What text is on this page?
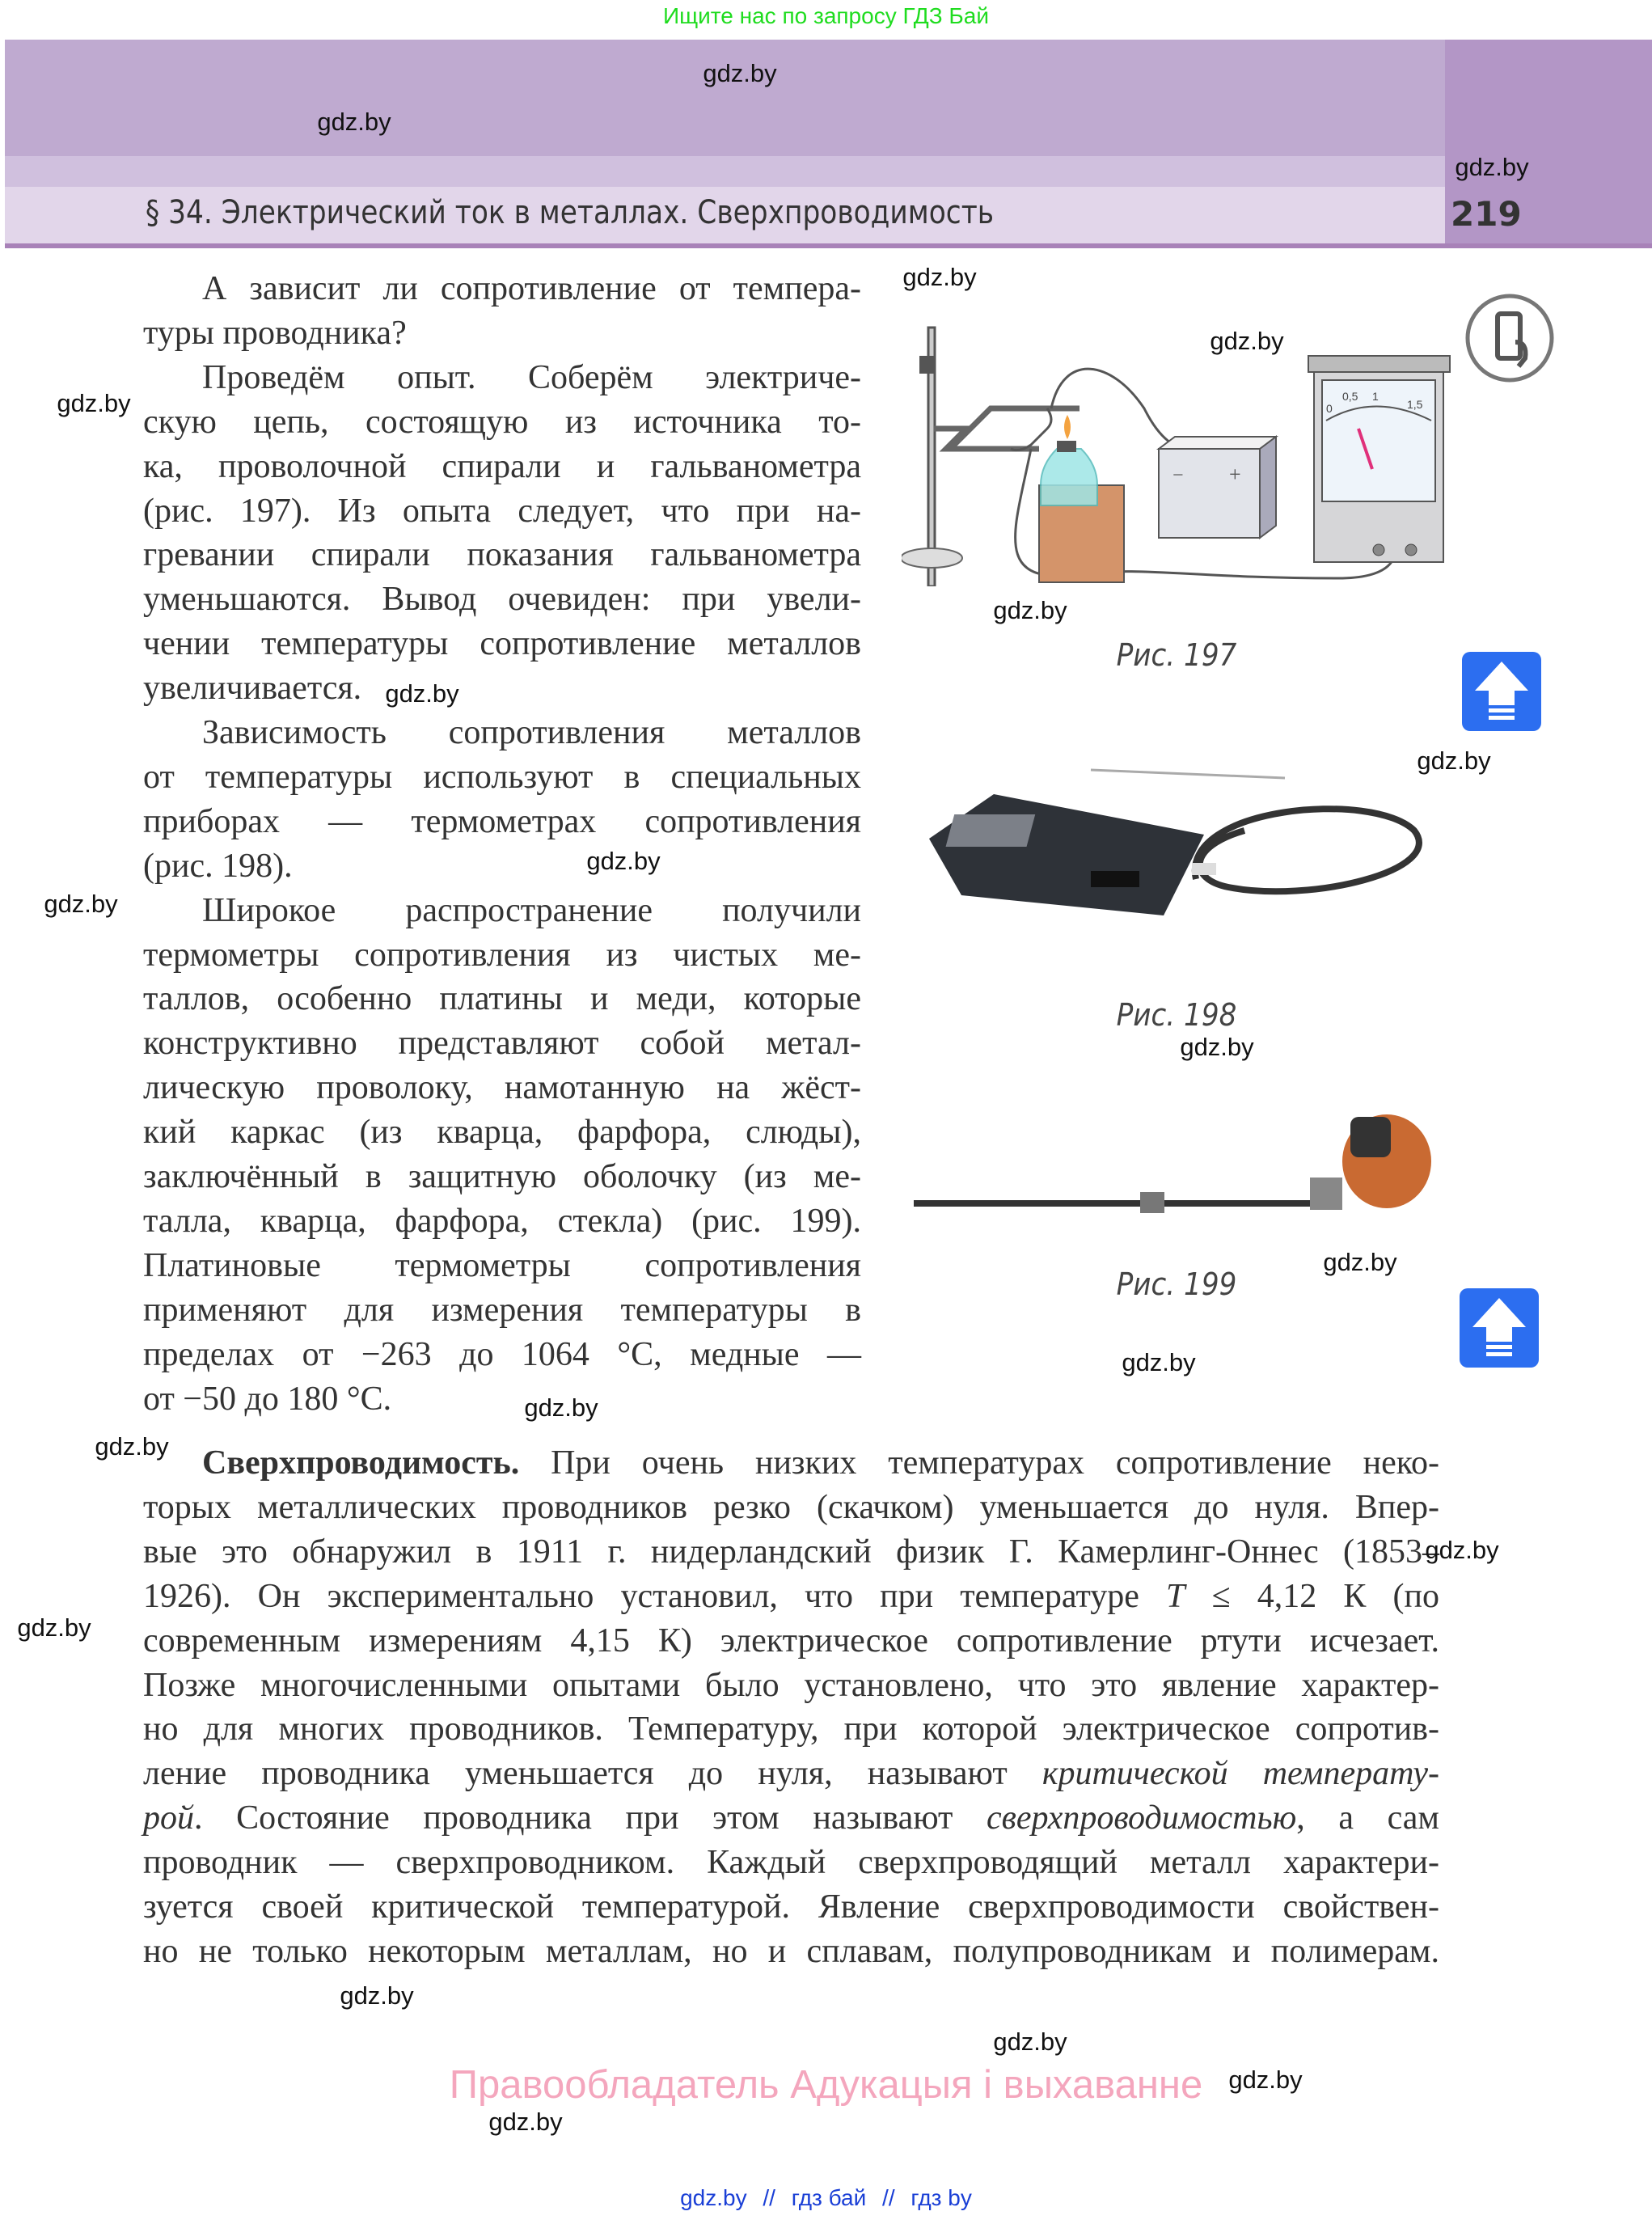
Ищите нас по запросу ГДЗ Бай
§ 34. Электрический ток в металлах. Сверхпроводимость	219
А зависит ли сопротивление от темпера-
туры проводника?
Проведём опыт. Соберём электриче-
скую цепь, состоящую из источника то-
ка, проволочной спирали и гальванометра
(рис. 197). Из опыта следует, что при на-
гревании спирали показания гальванометра
уменьшаются. Вывод очевиден: при увели-
чении температуры сопротивление металлов
увеличивается.
Зависимость сопротивления металлов
от температуры используют в специальных
приборах — термометрах сопротивления
(рис. 198).
Широкое распространение получили
термометры сопротивления из чистых ме-
таллов, особенно платины и меди, которые
конструктивно представляют собой метал-
лическую проволоку, намотанную на жёст-
кий каркас (из кварца, фарфора, слюды),
заключённый в защитную оболочку (из ме-
талла, кварца, фарфора, стекла) (рис. 199).
Платиновые термометры сопротивления
применяют для измерения температуры в
пределах от −263 до 1064 °С, медные —
от −50 до 180 °С.
Сверхпроводимость. При очень низких температурах сопротивление неко-
торых металлических проводников резко (скачком) уменьшается до нуля. Впер-
вые это обнаружил в 1911 г. нидерландский физик Г. Камерлинг-Оннес (1853–
1926). Он экспериментально установил, что при температуре T ≤ 4,12 К (по
современным измерениям 4,15 К) электрическое сопротивление ртути исчезает.
Позже многочисленными опытами было установлено, что это явление характер-
но для многих проводников. Температуру, при которой электрическое сопротив-
ление проводника уменьшается до нуля, называют критической температу-
рой. Состояние проводника при этом называют сверхпроводимостью, а сам
проводник — сверхпроводником. Каждый сверхпроводящий металл характери-
зуется своей критической температурой. Явление сверхпроводимости свойствен-
но не только некоторым металлам, но и сплавам, полупроводникам и полимерам.
− +
0
0,5 1
1,5
Рис. 197
Рис. 198
Рис. 199
gdz.by
gdz.by
gdz.by
gdz.by
gdz.by
gdz.by
gdz.by
gdz.by
gdz.by
gdz.by
gdz.by
gdz.by
gdz.by
gdz.by
gdz.by
gdz.by
gdz.by
gdz.by
gdz.by
gdz.by
gdz.by
gdz.by
Правообладатель Адукацыя і выхаванне
gdz.by // гдз бай // гдз by
